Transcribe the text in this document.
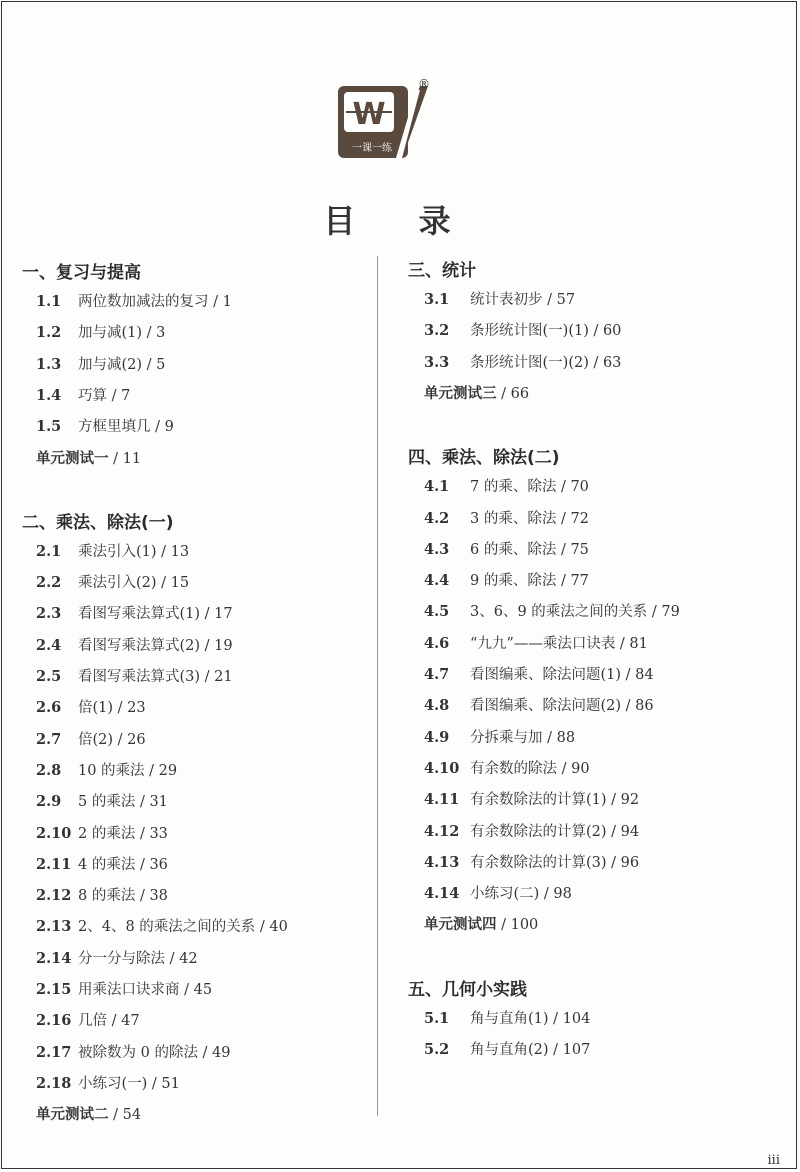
W
一课一练
®
目 录
一、复习与提高
1.1 两位数加减法的复习 / 1
1.2 加与减(1) / 3
1.3 加与减(2) / 5
1.4 巧算 / 7
1.5 方框里填几 / 9
单元测试一 / 11
二、乘法、除法(一)
2.1 乘法引入(1) / 13
2.2 乘法引入(2) / 15
2.3 看图写乘法算式(1) / 17
2.4 看图写乘法算式(2) / 19
2.5 看图写乘法算式(3) / 21
2.6 倍(1) / 23
2.7 倍(2) / 26
2.8 10 的乘法 / 29
2.9 5 的乘法 / 31
2.10 2 的乘法 / 33
2.11 4 的乘法 / 36
2.12 8 的乘法 / 38
2.13 2、4、8 的乘法之间的关系 / 40
2.14 分一分与除法 / 42
2.15 用乘法口诀求商 / 45
2.16 几倍 / 47
2.17 被除数为 0 的除法 / 49
2.18 小练习(一) / 51
单元测试二 / 54
三、统计
3.1 统计表初步 / 57
3.2 条形统计图(一)(1) / 60
3.3 条形统计图(一)(2) / 63
单元测试三 / 66
四、乘法、除法(二)
4.1 7 的乘、除法 / 70
4.2 3 的乘、除法 / 72
4.3 6 的乘、除法 / 75
4.4 9 的乘、除法 / 77
4.5 3、6、9 的乘法之间的关系 / 79
4.6 “九九”——乘法口诀表 / 81
4.7 看图编乘、除法问题(1) / 84
4.8 看图编乘、除法问题(2) / 86
4.9 分拆乘与加 / 88
4.10 有余数的除法 / 90
4.11 有余数除法的计算(1) / 92
4.12 有余数除法的计算(2) / 94
4.13 有余数除法的计算(3) / 96
4.14 小练习(二) / 98
单元测试四 / 100
五、几何小实践
5.1 角与直角(1) / 104
5.2 角与直角(2) / 107
iii
